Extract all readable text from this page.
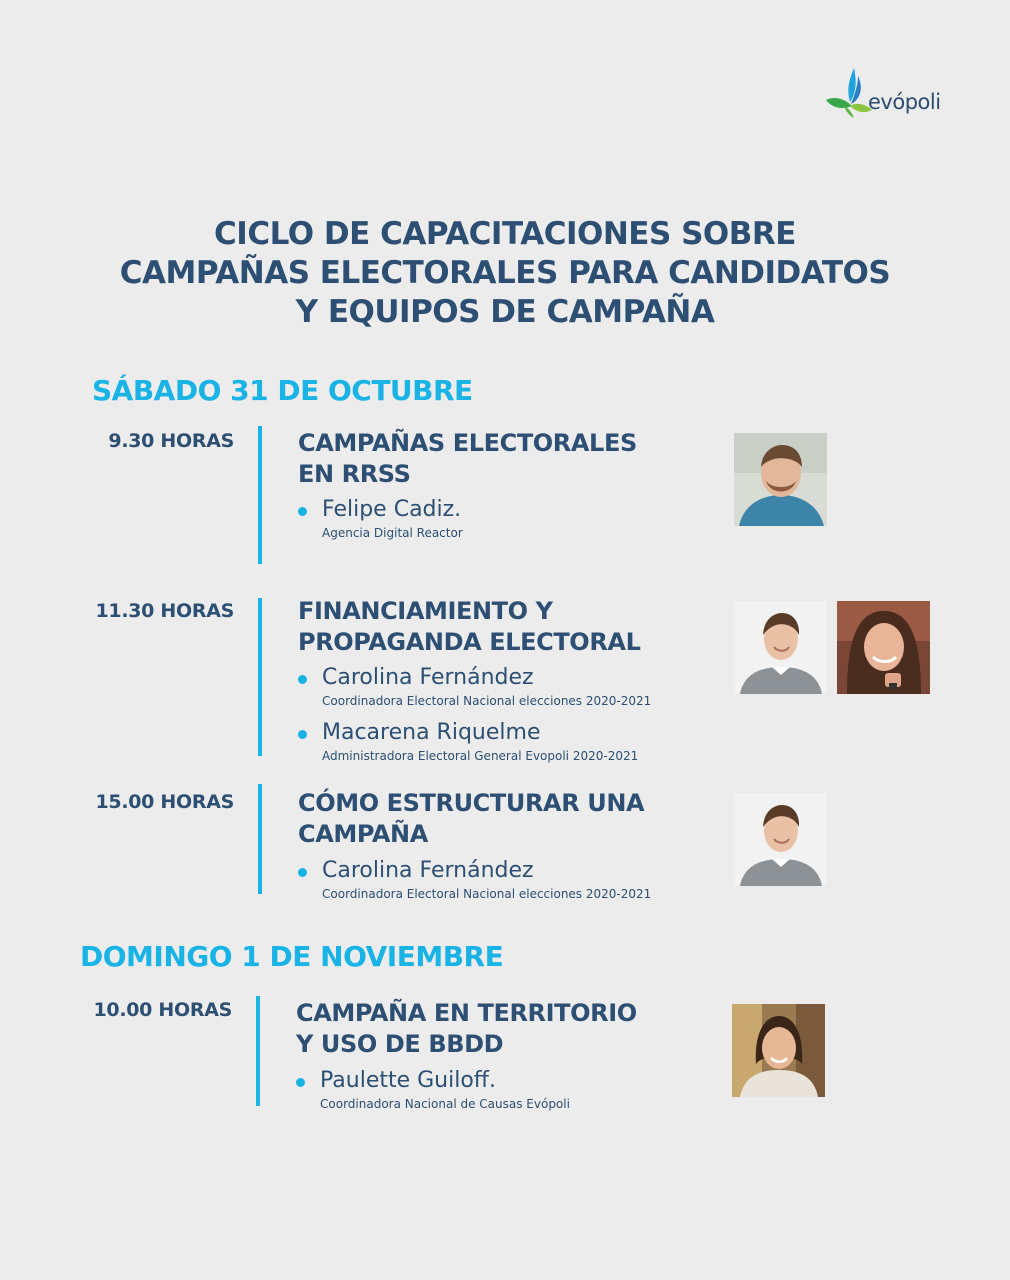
evópoli
CICLO DE CAPACITACIONES SOBRE
CAMPAÑAS ELECTORALES PARA CANDIDATOS
Y EQUIPOS DE CAMPAÑA
SÁBADO 31 DE OCTUBRE
9.30 HORAS	CAMPAÑAS ELECTORALES
EN RRSS
Felipe Cadiz.
Agencia Digital Reactor
11.30 HORAS	FINANCIAMIENTO Y
PROPAGANDA ELECTORAL
Carolina Fernández
Coordinadora Electoral Nacional elecciones 2020-2021
Macarena Riquelme
Administradora Electoral General Evopoli 2020-2021
15.00 HORAS	CÓMO ESTRUCTURAR UNA
CAMPAÑA
Carolina Fernández
Coordinadora Electoral Nacional elecciones 2020-2021
DOMINGO 1 DE NOVIEMBRE
10.00 HORAS	CAMPAÑA EN TERRITORIO
Y USO DE BBDD
Paulette Guiloff.
Coordinadora Nacional de Causas Evópoli
